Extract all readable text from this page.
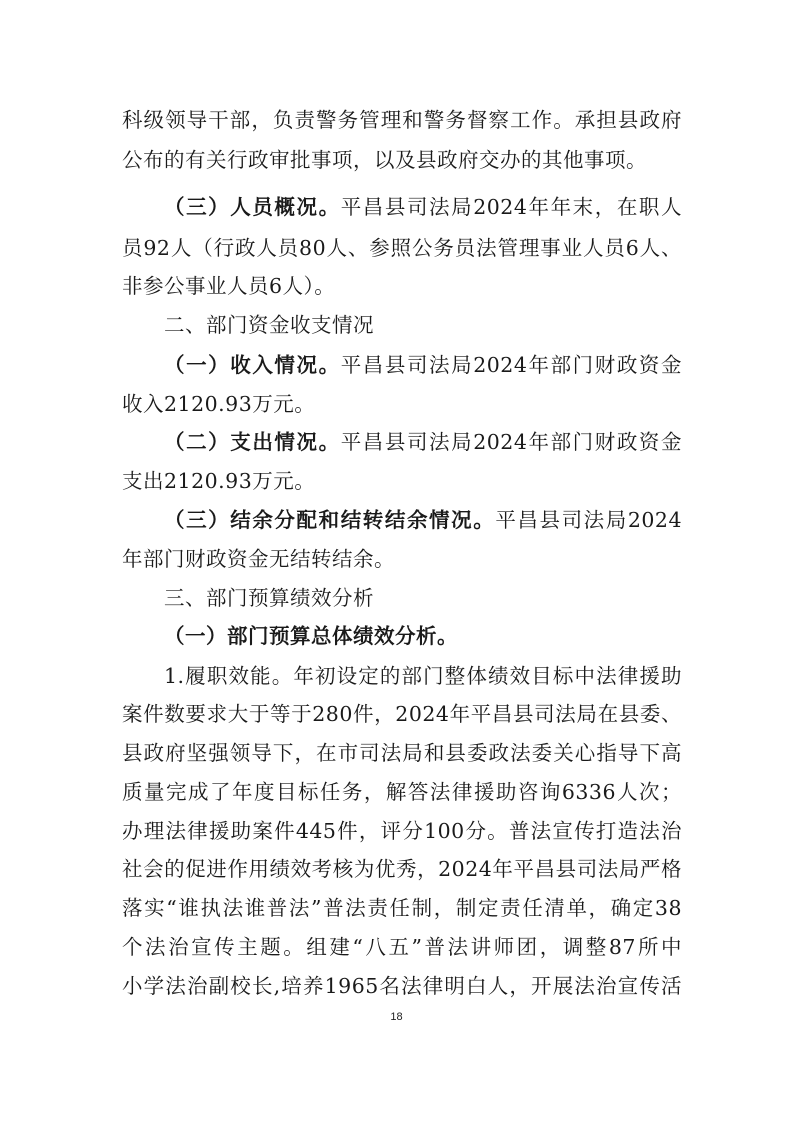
科级领导干部，负责警务管理和警务督察工作。承担县政府
公布的有关行政审批事项，以及县政府交办的其他事项。
（三）人员概况。平昌县司法局2024年年末，在职人
员92人（行政人员80人、参照公务员法管理事业人员6人、
非参公事业人员6人）。
二、部门资金收支情况
（一）收入情况。平昌县司法局2024年部门财政资金
收入2120.93万元。
（二）支出情况。平昌县司法局2024年部门财政资金
支出2120.93万元。
（三）结余分配和结转结余情况。平昌县司法局2024
年部门财政资金无结转结余。
三、部门预算绩效分析
（一）部门预算总体绩效分析。
1.履职效能。年初设定的部门整体绩效目标中法律援助
案件数要求大于等于280件，2024年平昌县司法局在县委、
县政府坚强领导下，在市司法局和县委政法委关心指导下高
质量完成了年度目标任务，解答法律援助咨询6336人次；
办理法律援助案件445件，评分100分。普法宣传打造法治
社会的促进作用绩效考核为优秀，2024年平昌县司法局严格
落实“谁执法谁普法”普法责任制，制定责任清单，确定38
个法治宣传主题。组建“八五”普法讲师团，调整87所中
小学法治副校长,培养1965名法律明白人，开展法治宣传活
18
